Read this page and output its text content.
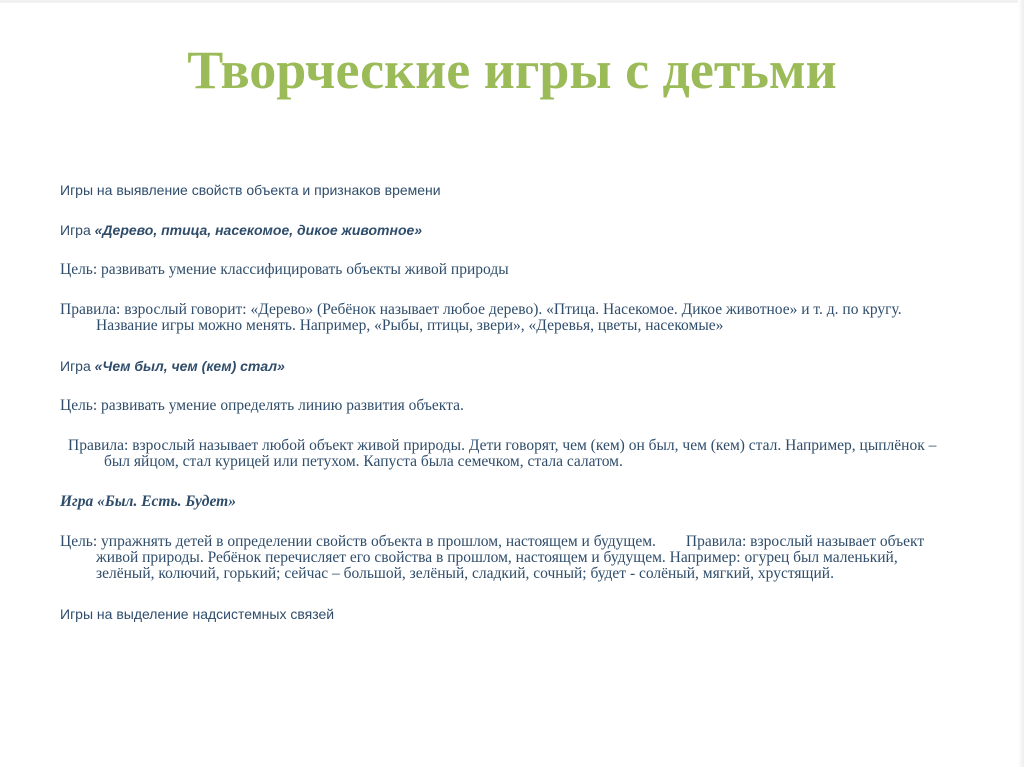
Творческие игры с детьми

Игры на выявление свойств объекта и признаков времени

Игра «Дерево, птица, насекомое, дикое животное»

Цель: развивать умение классифицировать объекты живой природы

Правила: взрослый говорит: «Дерево» (Ребёнок называет любое дерево). «Птица. Насекомое. Дикое животное» и т. д. по кругу.Название игры можно менять. Например, «Рыбы, птицы, звери», «Деревья, цветы, насекомые»

Игра «Чем был, чем (кем) стал»

Цель: развивать умение определять линию развития объекта.

Правила: взрослый называет любой объект живой природы. Дети говорят, чем (кем) он был, чем (кем) стал. Например, цыплёнок – был яйцом, стал курицей или петухом. Капуста была семечком, стала салатом.

Игра «Был. Есть. Будет»

Цель: упражнять детей в определении свойств объекта в прошлом, настоящем и будущем. Правила: взрослый называет объект живой природы. Ребёнок перечисляет его свойства в прошлом, настоящем и будущем. Например: огурец был маленький, зелёный, колючий, горький; сейчас – большой, зелёный, сладкий, сочный; будет - солёный, мягкий, хрустящий.

Игры на выделение надсистемных связей
